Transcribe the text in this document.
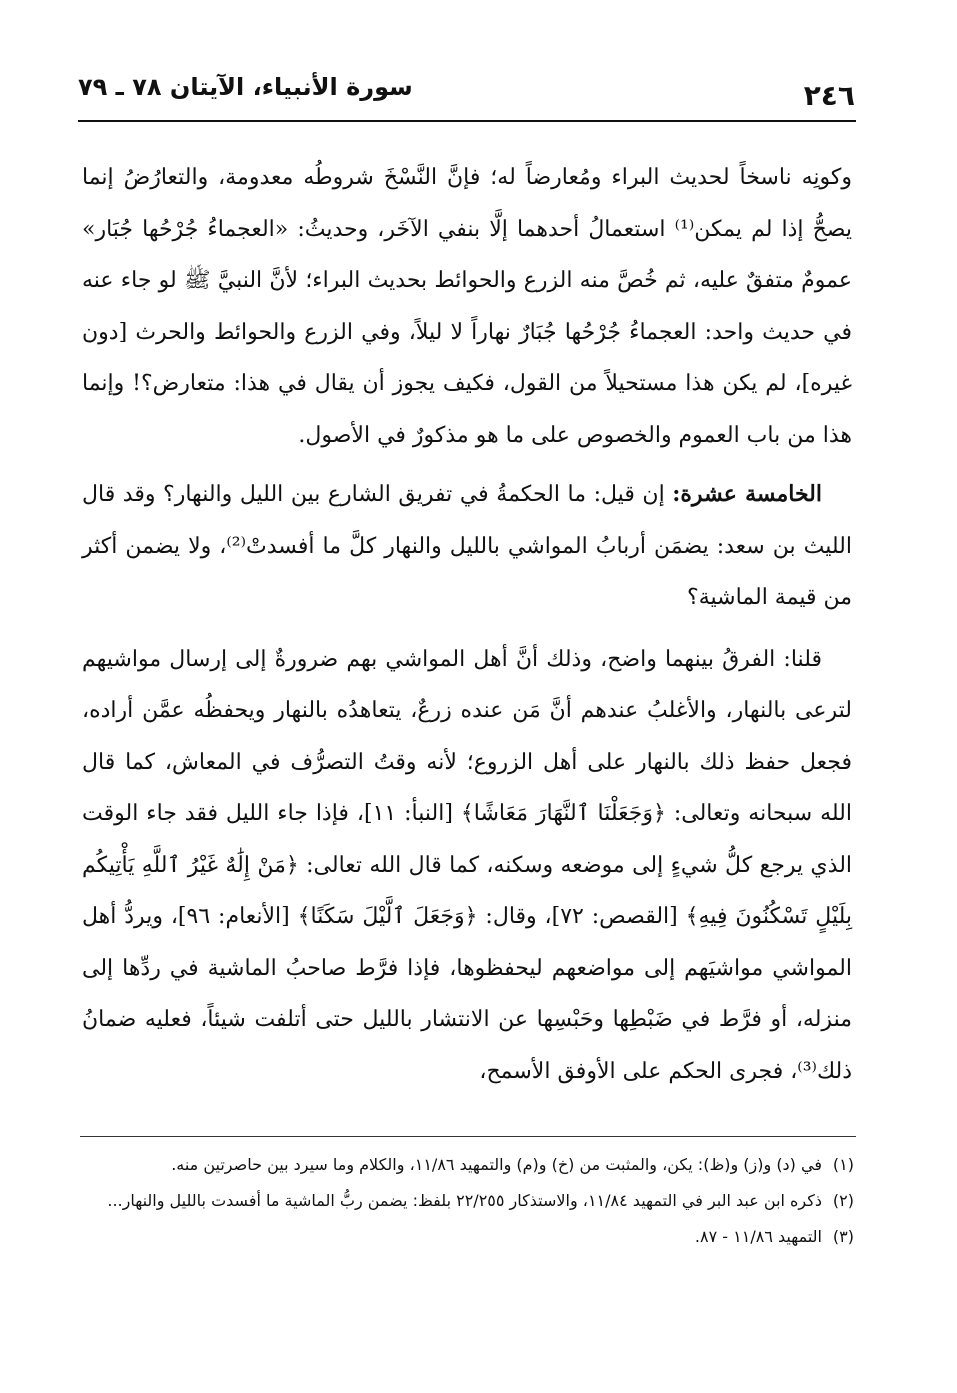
٢٤٦
سورة الأنبياء، الآيتان ٧٨ ـ ٧٩

وكونِه ناسخاً لحديث البراء ومُعارضاً له؛ فإنَّ النَّسْخَ شروطُه معدومة، والتعارُضُ إنما يصحُّ إذا لم يمكن⁽¹⁾ استعمالُ أحدهما إلَّا بنفي الآخَر، وحديثُ: «العجماءُ جُرْحُها جُبَار» عمومٌ متفقٌ عليه، ثم خُصَّ منه الزرع والحوائط بحديث البراء؛ لأنَّ النبيَّ ﷺ لو جاء عنه في حديث واحد: العجماءُ جُرْحُها جُبَارٌ نهاراً لا ليلاً، وفي الزرع والحوائط والحرث [دون غيره]، لم يكن هذا مستحيلاً من القول، فكيف يجوز أن يقال في هذا: متعارض؟! وإنما هذا من باب العموم والخصوص على ما هو مذكورٌ في الأصول.

الخامسة عشرة: إن قيل: ما الحكمةُ في تفريق الشارع بين الليل والنهار؟ وقد قال الليث بن سعد: يضمَن أربابُ المواشي بالليل والنهار كلَّ ما أفسدتْ⁽²⁾، ولا يضمن أكثر من قيمة الماشية؟

قلنا: الفرقُ بينهما واضح، وذلك أنَّ أهل المواشي بهم ضرورةٌ إلى إرسال مواشيهم لترعى بالنهار، والأغلبُ عندهم أنَّ مَن عنده زرعٌ، يتعاهدُه بالنهار ويحفظُه عمَّن أراده، فجعل حفظ ذلك بالنهار على أهل الزروع؛ لأنه وقتُ التصرُّف في المعاش، كما قال الله سبحانه وتعالى: ﴿وَجَعَلْنَا ٱلنَّهَارَ مَعَاشًا﴾ [النبأ: ١١]، فإذا جاء الليل فقد جاء الوقت الذي يرجع كلُّ شيءٍ إلى موضعه وسكنه، كما قال الله تعالى: ﴿مَنْ إِلَٰهٌ غَيْرُ ٱللَّهِ يَأْتِيكُم بِلَيْلٍ تَسْكُنُونَ فِيهِ﴾ [القصص: ٧٢]، وقال: ﴿وَجَعَلَ ٱلَّيْلَ سَكَنًا﴾ [الأنعام: ٩٦]، ويردُّ أهل المواشي مواشيَهم إلى مواضعهم ليحفظوها، فإذا فرَّط صاحبُ الماشية في ردِّها إلى منزله، أو فرَّط في ضَبْطِها وحَبْسِها عن الانتشار بالليل حتى أتلفت شيئاً، فعليه ضمانُ ذلك⁽³⁾، فجرى الحكم على الأوفق الأسمح،

(١)في (د) و(ز) و(ظ): يكن، والمثبت من (خ) و(م) والتمهيد ١١/٨٦، والكلام وما سيرد بين حاصرتين منه.

(٢)ذكره ابن عبد البر في التمهيد ١١/٨٤، والاستذكار ٢٢/٢٥٥ بلفظ: يضمن ربُّ الماشية ما أفسدت بالليل والنهار...

(٣)التمهيد ١١/٨٦ - ٨٧.
